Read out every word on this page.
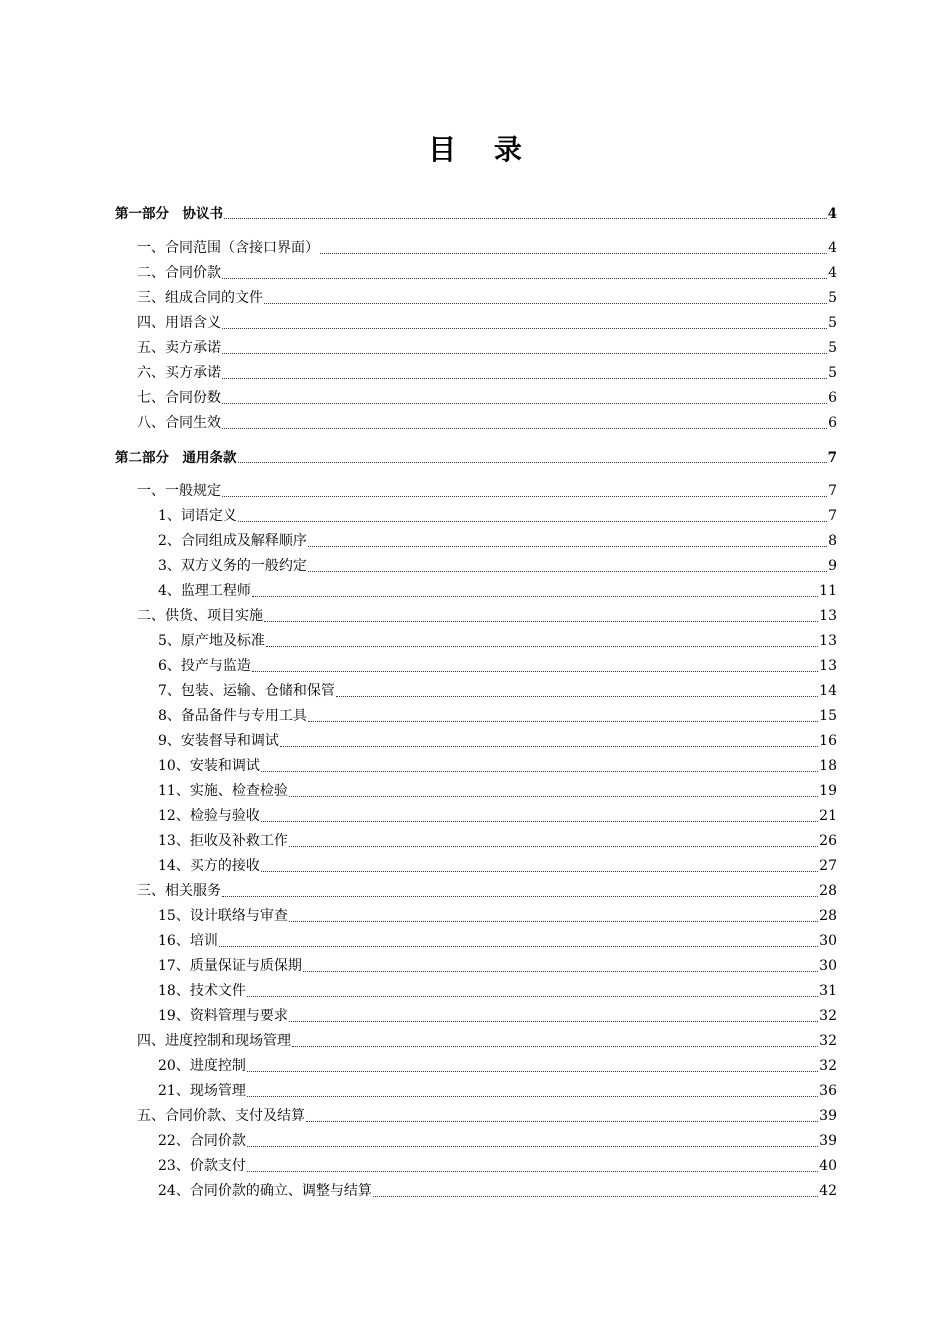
目 录
第一部分　协议书	4
一、合同范围（含接口界面）	4
二、合同价款	4
三、组成合同的文件	5
四、用语含义	5
五、卖方承诺	5
六、买方承诺	5
七、合同份数	6
八、合同生效	6
第二部分　通用条款	7
一、一般规定	7
1、词语定义	7
2、合同组成及解释顺序	8
3、双方义务的一般约定	9
4、监理工程师	11
二、供货、项目实施	13
5、原产地及标准	13
6、投产与监造	13
7、包装、运输、仓储和保管	14
8、备品备件与专用工具	15
9、安装督导和调试	16
10、安装和调试	18
11、实施、检查检验	19
12、检验与验收	21
13、拒收及补救工作	26
14、买方的接收	27
三、相关服务	28
15、设计联络与审查	28
16、培训	30
17、质量保证与质保期	30
18、技术文件	31
19、资料管理与要求	32
四、进度控制和现场管理	32
20、进度控制	32
21、现场管理	36
五、合同价款、支付及结算	39
22、合同价款	39
23、价款支付	40
24、合同价款的确立、调整与结算	42
